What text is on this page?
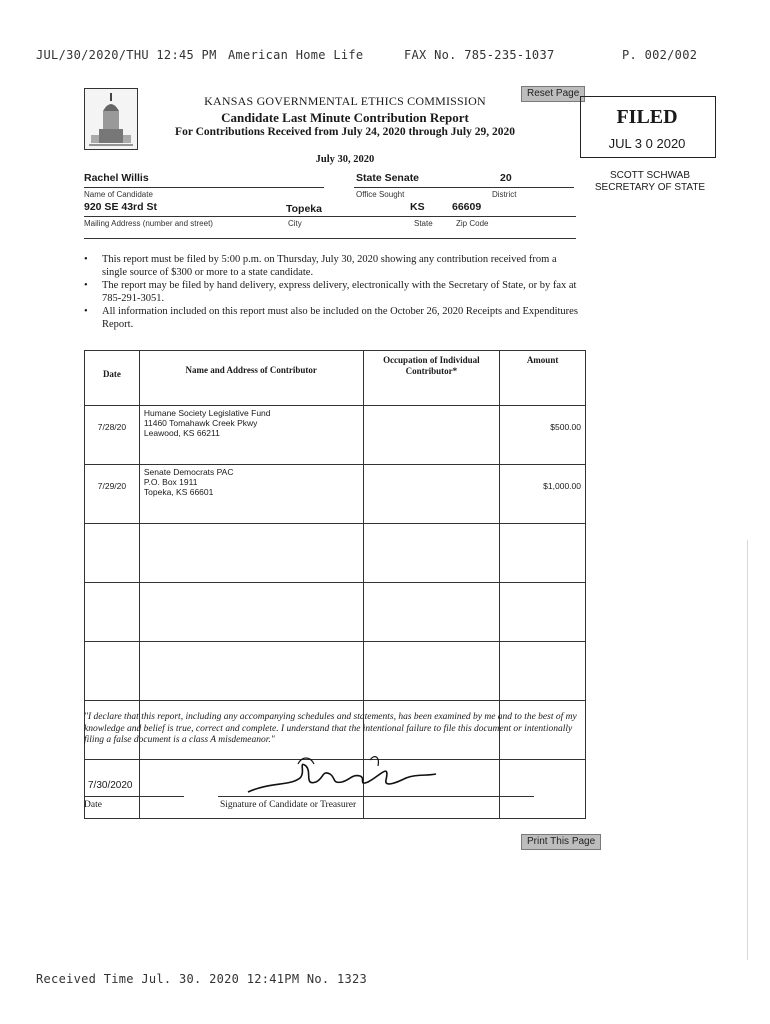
JUL/30/2020/THU 12:45 PM American Home Life	FAX No. 785-235-1037	P. 002/002
Reset Page
KANSAS GOVERNMENTAL ETHICS COMMISSION
Candidate Last Minute Contribution Report
For Contributions Received from July 24, 2020 through July 29, 2020
July 30, 2020
FILED
JUL 3 0 2020
SCOTT SCHWAB
SECRETARY OF STATE
Rachel Willis	State Senate	20
Name of Candidate	Office Sought	District
920 SE 43rd St	Topeka	KS	66609
Mailing Address (number and street)	City	State	Zip Code
• This report must be filed by 5:00 p.m. on Thursday, July 30, 2020 showing any contribution received from a single source of $300 or more to a state candidate.
• The report may be filed by hand delivery, express delivery, electronically with the Secretary of State, or by fax at 785-291-3051.
• All information included on this report must also be included on the October 26, 2020 Receipts and Expenditures Report.
Date	Name and Address of Contributor	Occupation of Individual Contributor*	Amount

7/28/20	Humane Society Legislative Fund
11460 Tomahawk Creek Pkwy
Leawood, KS 66211		$500.00
7/29/20	Senate Democrats PAC
P.O. Box 1911
Topeka, KS 66601		$1,000.00

"I declare that this report, including any accompanying schedules and statements, has been examined by me and to the best of my knowledge and belief is true, correct and complete. I understand that the intentional failure to file this document or intentionally filing a false document is a class A misdemeanor."
7/30/2020
Date	Signature of Candidate or Treasurer
Print This Page
Received Time Jul. 30. 2020 12:41PM No. 1323
